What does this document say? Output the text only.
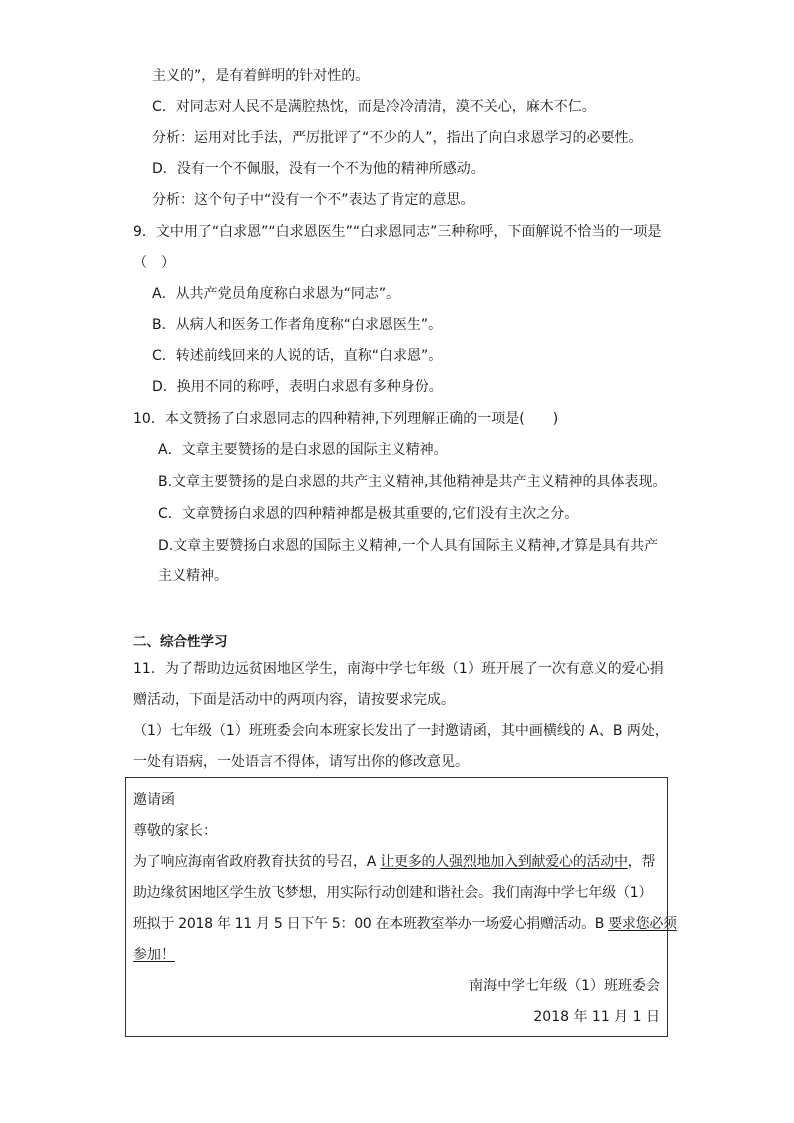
主义的”，是有着鲜明的针对性的。
C．对同志对人民不是满腔热忱，而是冷冷清清，漠不关心，麻木不仁。
分析：运用对比手法，严厉批评了“不少的人”，指出了向白求恩学习的必要性。
D．没有一个不佩服，没有一个不为他的精神所感动。
分析：这个句子中“没有一个不”表达了肯定的意思。
9．文中用了“白求恩”“白求恩医生”“白求恩同志”三种称呼，下面解说不恰当的一项是
（　）
A．从共产党员角度称白求恩为“同志”。
B．从病人和医务工作者角度称“白求恩医生”。
C．转述前线回来的人说的话，直称“白求恩”。
D．换用不同的称呼，表明白求恩有多种身份。
10．本文赞扬了白求恩同志的四种精神,下列理解正确的一项是(　　)
A．文章主要赞扬的是白求恩的国际主义精神。
B.文章主要赞扬的是白求恩的共产主义精神,其他精神是共产主义精神的具体表现。
C．文章赞扬白求恩的四种精神都是极其重要的,它们没有主次之分。
D.文章主要赞扬白求恩的国际主义精神,一个人具有国际主义精神,才算是具有共产
主义精神。
二、综合性学习
11．为了帮助边远贫困地区学生，南海中学七年级（1）班开展了一次有意义的爱心捐
赠活动，下面是活动中的两项内容，请按要求完成。
（1）七年级（1）班班委会向本班家长发出了一封邀请函，其中画横线的 A、B 两处，
一处有语病，一处语言不得体，请写出你的修改意见。
邀请函
尊敬的家长：
为了响应海南省政府教育扶贫的号召，A 让更多的人强烈地加入到献爱心的活动中，帮
助边缘贫困地区学生放飞梦想，用实际行动创建和谐社会。我们南海中学七年级（1）
班拟于 2018 年 11 月 5 日下午 5：00 在本班教室举办一场爱心捐赠活动。B 要求您必须
参加！
南海中学七年级（1）班班委会
2018 年 11 月 1 日
